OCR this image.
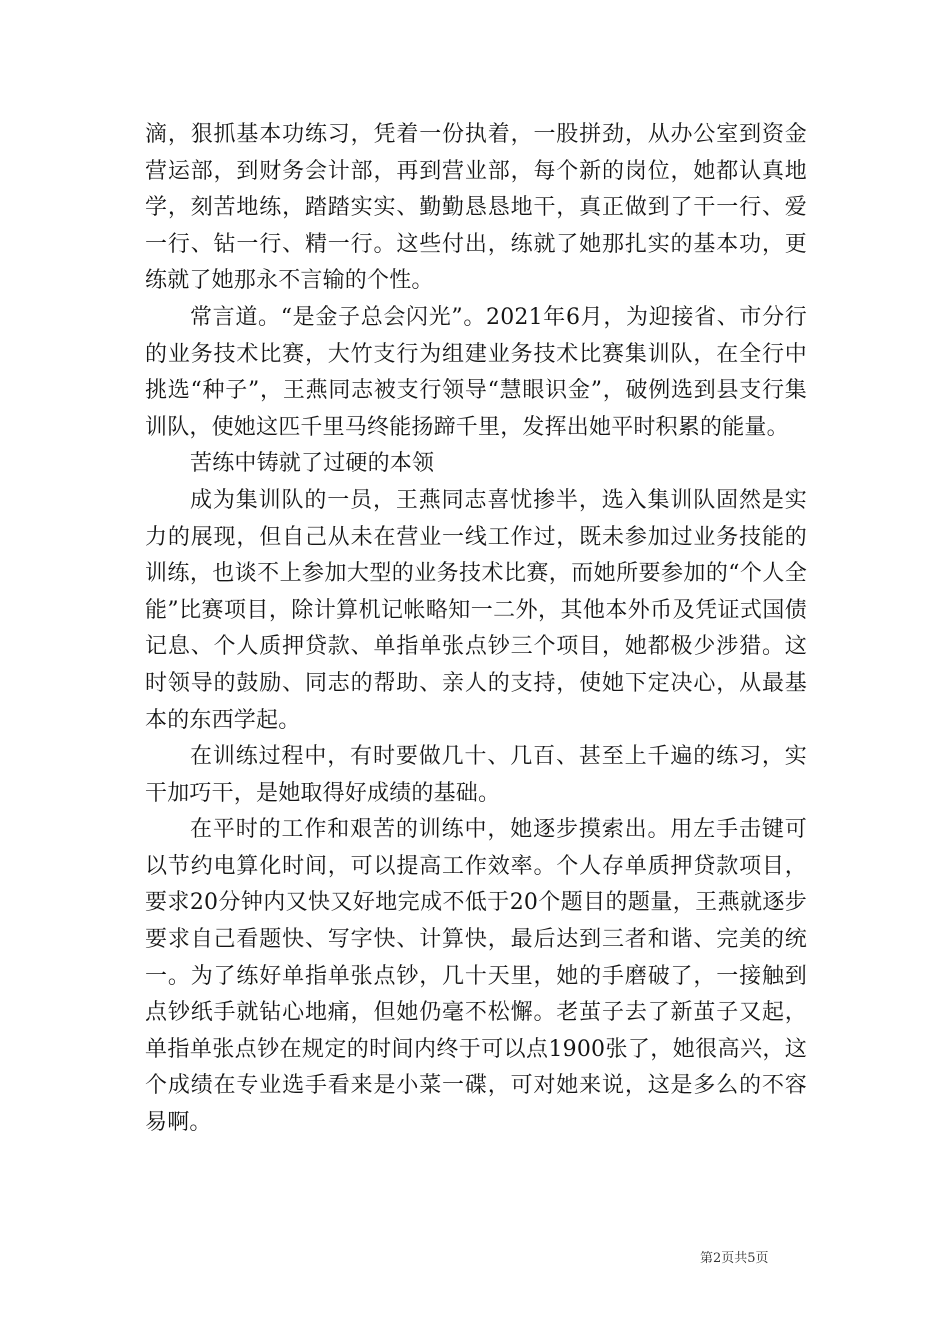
滴，狠抓基本功练习，凭着一份执着，一股拼劲，从办公室到资金营运部，到财务会计部，再到营业部，每个新的岗位，她都认真地学，刻苦地练，踏踏实实、勤勤恳恳地干，真正做到了干一行、爱一行、钻一行、精一行。这些付出，练就了她那扎实的基本功，更练就了她那永不言输的个性。

常言道。“是金子总会闪光”。2021年6月，为迎接省、市分行的业务技术比赛，大竹支行为组建业务技术比赛集训队，在全行中挑选“种子”，王燕同志被支行领导“慧眼识金”，破例选到县支行集训队，使她这匹千里马终能扬蹄千里，发挥出她平时积累的能量。

苦练中铸就了过硬的本领

成为集训队的一员，王燕同志喜忧掺半，选入集训队固然是实力的展现，但自己从未在营业一线工作过，既未参加过业务技能的训练，也谈不上参加大型的业务技术比赛，而她所要参加的“个人全能”比赛项目，除计算机记帐略知一二外，其他本外币及凭证式国债记息、个人质押贷款、单指单张点钞三个项目，她都极少涉猎。这时领导的鼓励、同志的帮助、亲人的支持，使她下定决心，从最基本的东西学起。

在训练过程中，有时要做几十、几百、甚至上千遍的练习，实干加巧干，是她取得好成绩的基础。

在平时的工作和艰苦的训练中，她逐步摸索出。用左手击键可以节约电算化时间，可以提高工作效率。个人存单质押贷款项目，要求20分钟内又快又好地完成不低于20个题目的题量，王燕就逐步要求自己看题快、写字快、计算快，最后达到三者和谐、完美的统一。为了练好单指单张点钞，几十天里，她的手磨破了，一接触到点钞纸手就钻心地痛，但她仍毫不松懈。老茧子去了新茧子又起，单指单张点钞在规定的时间内终于可以点1900张了，她很高兴，这个成绩在专业选手看来是小菜一碟，可对她来说，这是多么的不容易啊。

第2页共5页
